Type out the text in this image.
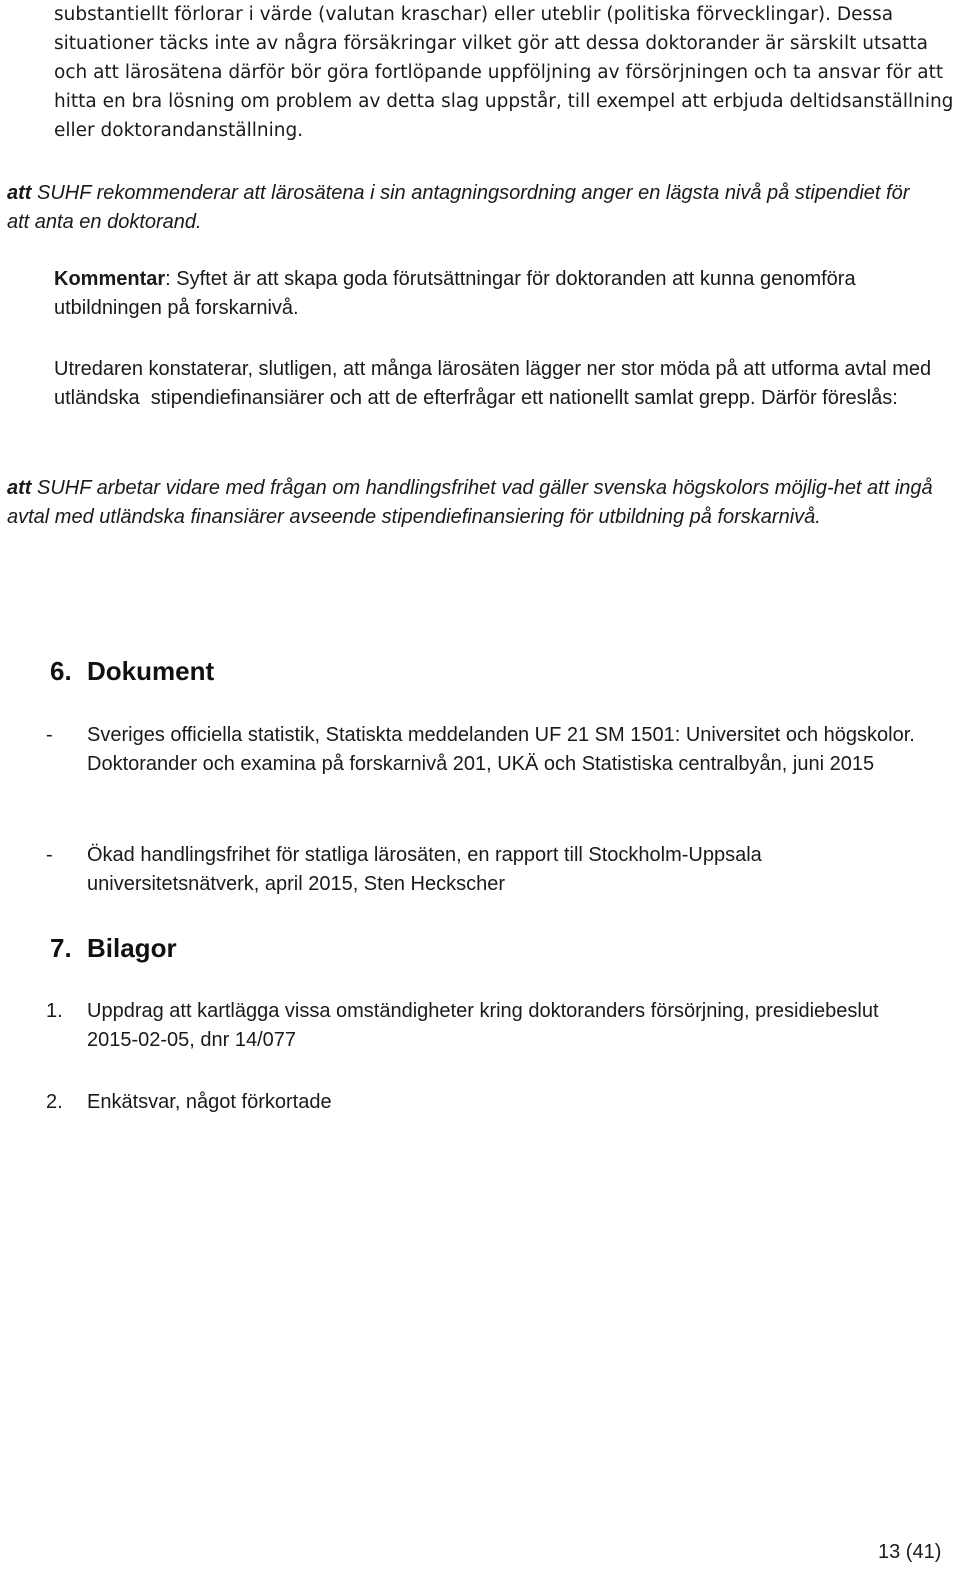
substantiellt förlorar i värde (valutan kraschar) eller uteblir (politiska förvecklingar). Dessa situationer täcks inte av några försäkringar vilket gör att dessa doktorander är särskilt utsatta och att lärosätena därför bör göra fortlöpande uppföljning av försörjningen och ta ansvar för att hitta en bra lösning om problem av detta slag uppstår, till exempel att erbjuda deltidsanställning eller doktorandanställning.

att SUHF rekommenderar att lärosätena i sin antagningsordning anger en lägsta nivå på stipendiet för att anta en doktorand.

Kommentar: Syftet är att skapa goda förutsättningar för doktoranden att kunna genomföra utbildningen på forskarnivå.

Utredaren konstaterar, slutligen, att många lärosäten lägger ner stor möda på att utforma avtal med utländska  stipendiefinansiärer och att de efterfrågar ett nationellt samlat grepp. Därför föreslås:

att SUHF arbetar vidare med frågan om handlingsfrihet vad gäller svenska högskolors möjlig-het att ingå avtal med utländska finansiärer avseende stipendiefinansiering för utbildning på forskarnivå.

6. Dokument
- Sveriges officiella statistik, Statiskta meddelanden UF 21 SM 1501: Universitet och högskolor. Doktorander och examina på forskarnivå 201, UKÄ och Statistiska centralbyån, juni 2015
- Ökad handlingsfrihet för statliga lärosäten, en rapport till Stockholm-Uppsala universitetsnätverk, april 2015, Sten Heckscher
7. Bilagor
1. Uppdrag att kartlägga vissa omständigheter kring doktoranders försörjning, presidiebeslut 2015-02-05, dnr 14/077
2. Enkätsvar, något förkortade
13 (41)
